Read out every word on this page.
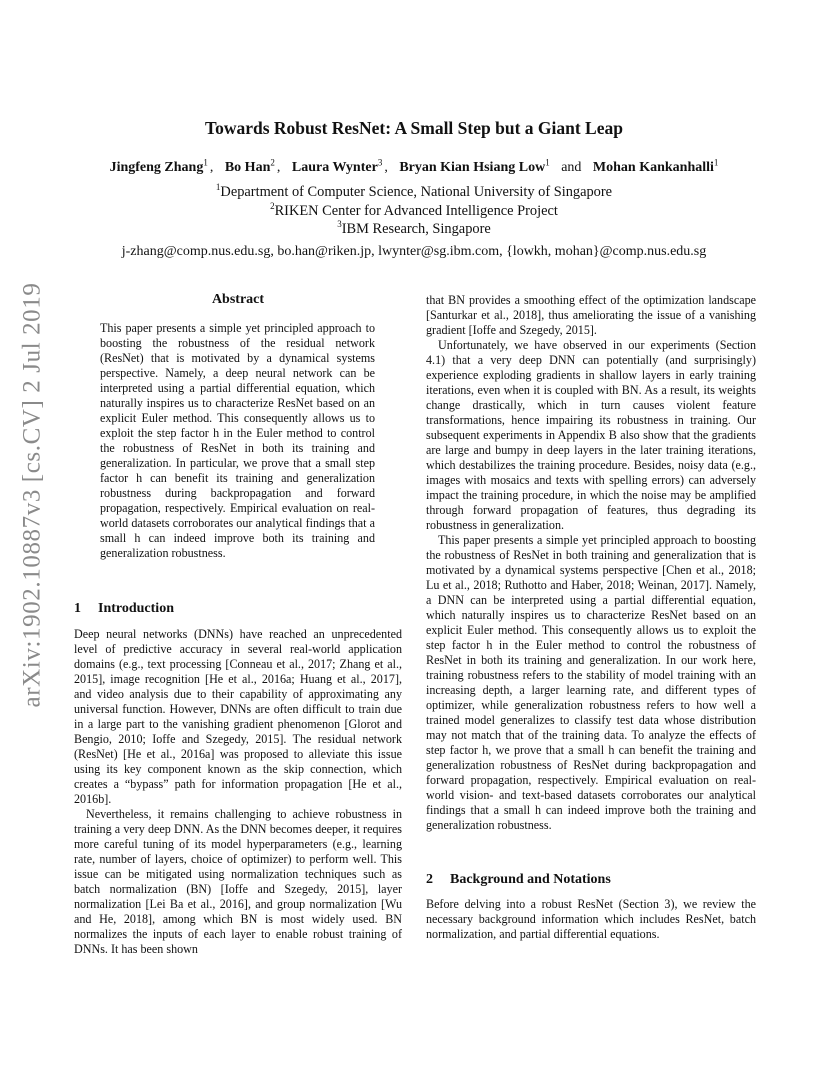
arXiv:1902.10887v3 [cs.CV] 2 Jul 2019
Towards Robust ResNet: A Small Step but a Giant Leap
Jingfeng Zhang$^1$ , Bo Han$^2$ , Laura Wynter$^3$ , Bryan Kian Hsiang Low$^1$ and Mohan Kankanhalli$^1$
$^1$Department of Computer Science, National University of Singapore
$^2$RIKEN Center for Advanced Intelligence Project
$^3$IBM Research, Singapore
j-zhang@comp.nus.edu.sg, bo.han@riken.jp, lwynter@sg.ibm.com, {lowkh, mohan}@comp.nus.edu.sg
Abstract

This paper presents a simple yet principled approach to boosting the robustness of the residual network (ResNet) that is motivated by a dynamical systems perspective. Namely, a deep neural network can be interpreted using a partial differential equation, which naturally inspires us to characterize ResNet based on an explicit Euler method. This consequently allows us to exploit the step factor h in the Euler method to control the robustness of ResNet in both its training and generalization. In particular, we prove that a small step factor h can benefit its training and generalization robustness during backpropagation and forward propagation, respectively. Empirical evaluation on real-world datasets corroborates our analytical findings that a small h can indeed improve both its training and generalization robustness.

1 Introduction

Deep neural networks (DNNs) have reached an unprecedented level of predictive accuracy in several real-world application domains (e.g., text processing [Conneau et al., 2017; Zhang et al., 2015], image recognition [He et al., 2016a; Huang et al., 2017], and video analysis due to their capability of approximating any universal function. However, DNNs are often difficult to train due in a large part to the vanishing gradient phenomenon [Glorot and Bengio, 2010; Ioffe and Szegedy, 2015]. The residual network (ResNet) [He et al., 2016a] was proposed to alleviate this issue using its key component known as the skip connection, which creates a “bypass” path for information propagation [He et al., 2016b].

Nevertheless, it remains challenging to achieve robustness in training a very deep DNN. As the DNN becomes deeper, it requires more careful tuning of its model hyperparameters (e.g., learning rate, number of layers, choice of optimizer) to perform well. This issue can be mitigated using normalization techniques such as batch normalization (BN) [Ioffe and Szegedy, 2015], layer normalization [Lei Ba et al., 2016], and group normalization [Wu and He, 2018], among which BN is most widely used. BN normalizes the inputs of each layer to enable robust training of DNNs. It has been shown

that BN provides a smoothing effect of the optimization landscape [Santurkar et al., 2018], thus ameliorating the issue of a vanishing gradient [Ioffe and Szegedy, 2015].

Unfortunately, we have observed in our experiments (Section 4.1) that a very deep DNN can potentially (and surprisingly) experience exploding gradients in shallow layers in early training iterations, even when it is coupled with BN. As a result, its weights change drastically, which in turn causes violent feature transformations, hence impairing its robustness in training. Our subsequent experiments in Appendix B also show that the gradients are large and bumpy in deep layers in the later training iterations, which destabilizes the training procedure. Besides, noisy data (e.g., images with mosaics and texts with spelling errors) can adversely impact the training procedure, in which the noise may be amplified through forward propagation of features, thus degrading its robustness in generalization.

This paper presents a simple yet principled approach to boosting the robustness of ResNet in both training and generalization that is motivated by a dynamical systems perspective [Chen et al., 2018; Lu et al., 2018; Ruthotto and Haber, 2018; Weinan, 2017]. Namely, a DNN can be interpreted using a partial differential equation, which naturally inspires us to characterize ResNet based on an explicit Euler method. This consequently allows us to exploit the step factor h in the Euler method to control the robustness of ResNet in both its training and generalization. In our work here, training robustness refers to the stability of model training with an increasing depth, a larger learning rate, and different types of optimizer, while generalization robustness refers to how well a trained model generalizes to classify test data whose distribution may not match that of the training data. To analyze the effects of step factor h, we prove that a small h can benefit the training and generalization robustness of ResNet during backpropagation and forward propagation, respectively. Empirical evaluation on real-world vision- and text-based datasets corroborates our analytical findings that a small h can indeed improve both the training and generalization robustness.

2 Background and Notations

Before delving into a robust ResNet (Section 3), we review the necessary background information which includes ResNet, batch normalization, and partial differential equations.
